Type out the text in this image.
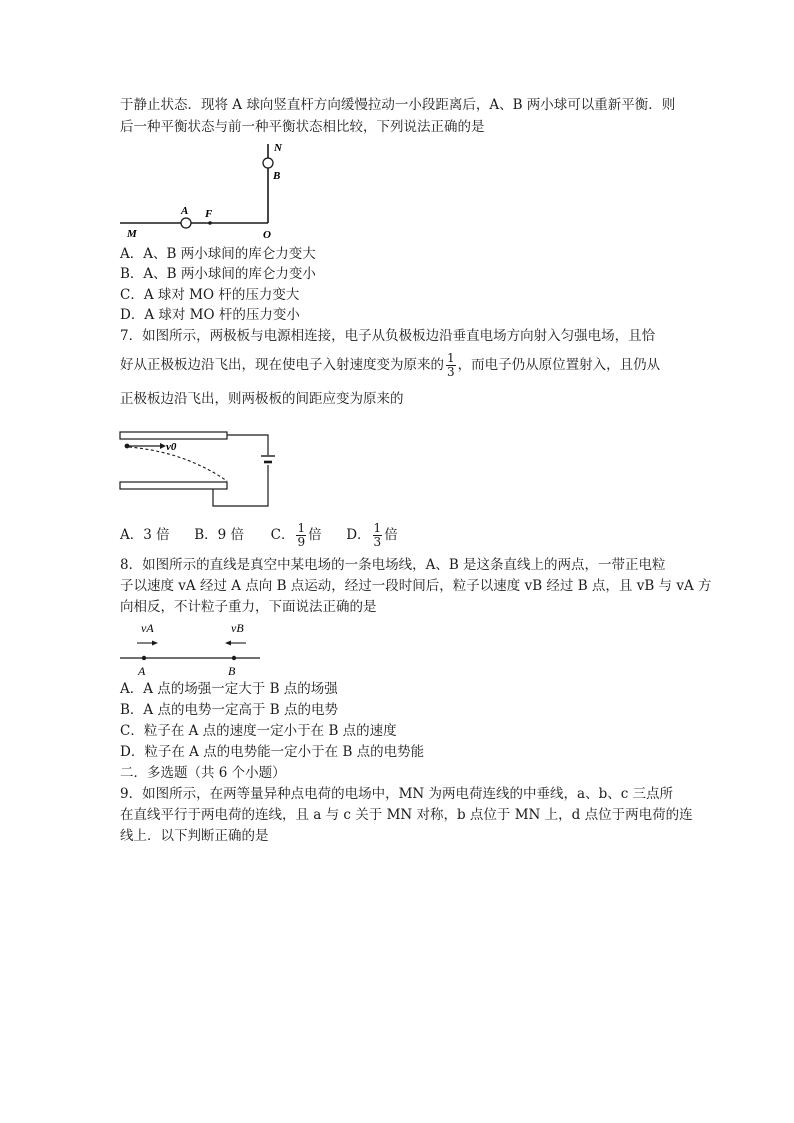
于静止状态．现将 A 球向竖直杆方向缓慢拉动一小段距离后，A、B 两小球可以重新平衡．则
后一种平衡状态与前一种平衡状态相比较，下列说法正确的是
N
B
A F
M	O
A．A、B 两小球间的库仑力变大
B．A、B 两小球间的库仑力变小
C．A 球对 MO 杆的压力变大
D．A 球对 MO 杆的压力变小
7．如图所示，两极板与电源相连接，电子从负极板边沿垂直电场方向射入匀强电场，且恰
好从正极板边沿飞出，现在使电子入射速度变为原来的 $\frac{1}{3}$ ，而电子仍从原位置射入，且仍从
正极板边沿飞出，则两极板的间距应变为原来的
v0
A．3 倍 B．9 倍 C． $\frac{1}{9}$ 倍 D． $\frac{1}{3}$ 倍
8．如图所示的直线是真空中某电场的一条电场线，A、B 是这条直线上的两点，一带正电粒
子以速度 vA 经过 A 点向 B 点运动，经过一段时间后，粒子以速度 vB 经过 B 点，且 vB 与 vA 方
向相反，不计粒子重力，下面说法正确的是
vA	vB
A	B
A．A 点的场强一定大于 B 点的场强
B．A 点的电势一定高于 B 点的电势
C．粒子在 A 点的速度一定小于在 B 点的速度
D．粒子在 A 点的电势能一定小于在 B 点的电势能
二．多选题（共 6 个小题）
9．如图所示，在两等量异种点电荷的电场中，MN 为两电荷连线的中垂线，a、b、c 三点所
在直线平行于两电荷的连线，且 a 与 c 关于 MN 对称，b 点位于 MN 上，d 点位于两电荷的连
线上．以下判断正确的是
